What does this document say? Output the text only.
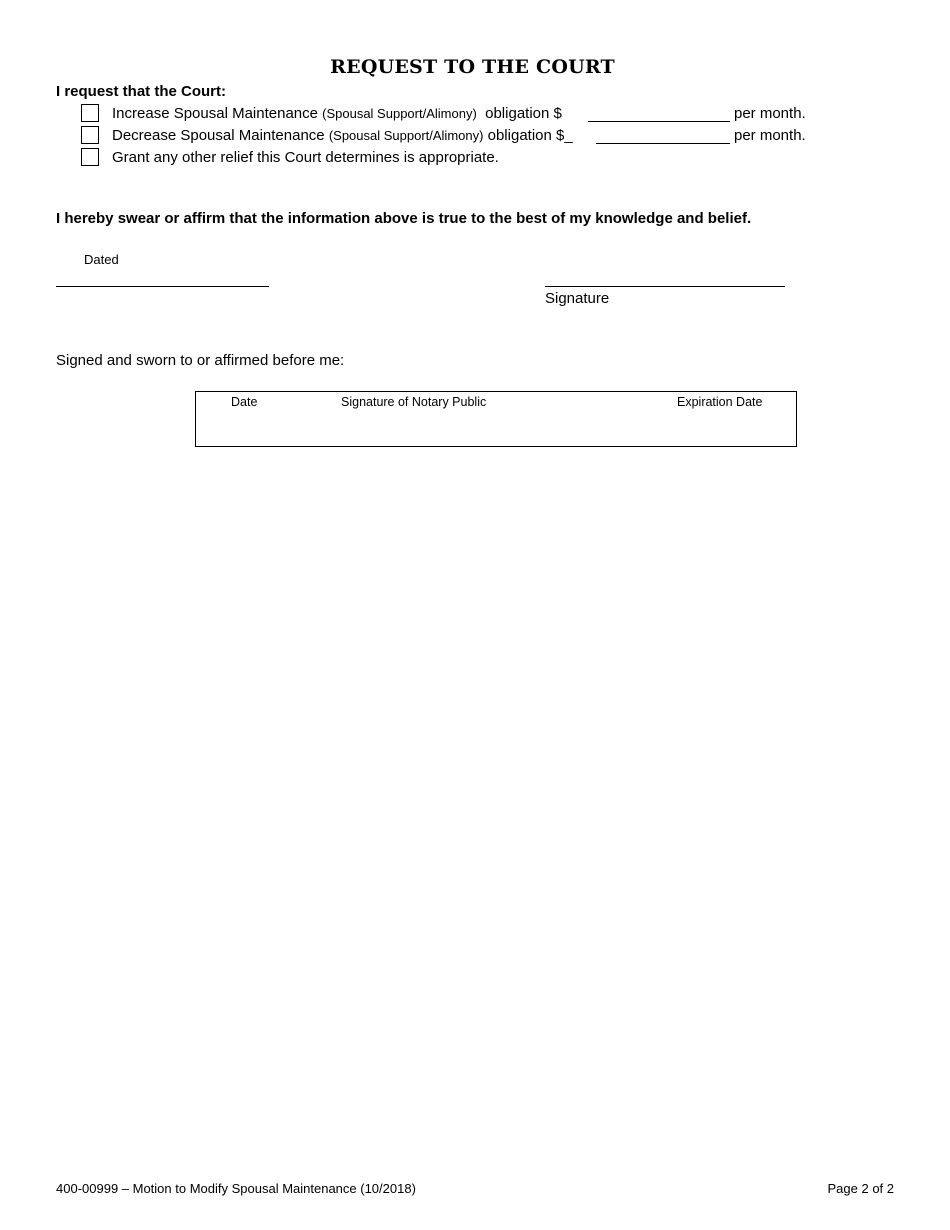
REQUEST TO THE COURT
I request that the Court:
Increase Spousal Maintenance (Spousal Support/Alimony) obligation $	per month.
Decrease Spousal Maintenance (Spousal Support/Alimony) obligation $_	per month.
Grant any other relief this Court determines is appropriate.
I hereby swear or affirm that the information above is true to the best of my knowledge and belief.
Dated
Signature
Signed and sworn to or affirmed before me:
Date	Signature of Notary Public	Expiration Date
400-00999 – Motion to Modify Spousal Maintenance (10/2018)	Page 2 of 2
